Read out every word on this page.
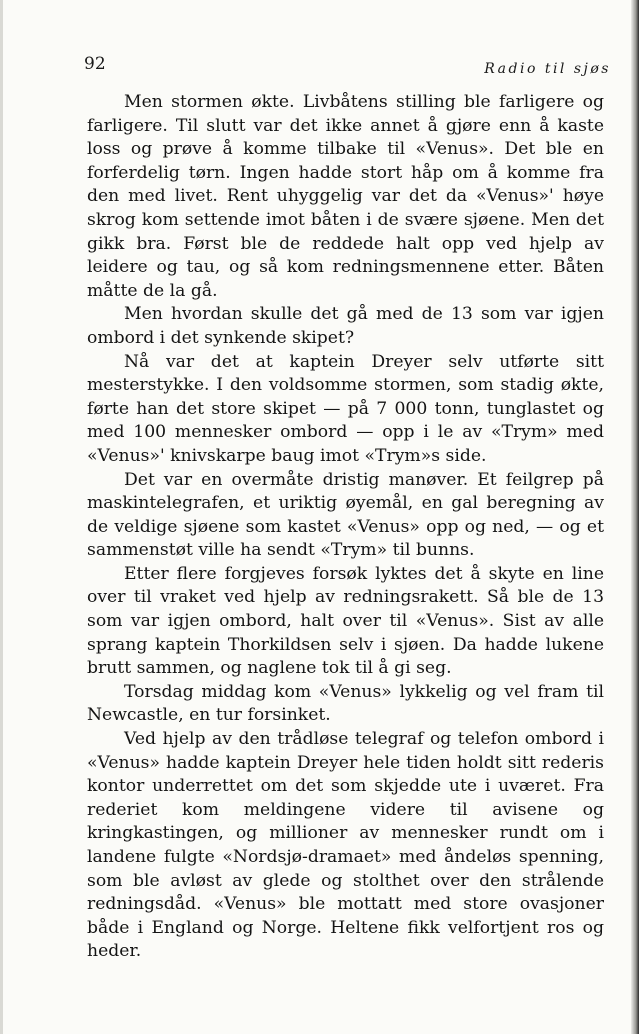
92	Radio til sjøs

Men stormen økte. Livbåtens stilling ble farligere og farligere. Til slutt var det ikke annet å gjøre enn å kaste loss og prøve å komme tilbake til «Venus». Det ble en forferdelig tørn. Ingen hadde stort håp om å komme fra den med livet. Rent uhyggelig var det da «Venus»' høye skrog kom settende imot båten i de svære sjøene. Men det gikk bra. Først ble de reddede halt opp ved hjelp av leidere og tau, og så kom redningsmennene etter. Båten måtte de la gå.

Men hvordan skulle det gå med de 13 som var igjen ombord i det synkende skipet?

Nå var det at kaptein Dreyer selv utførte sitt mesterstykke. I den voldsomme stormen, som stadig økte, førte han det store skipet — på 7 000 tonn, tunglastet og med 100 mennesker ombord — opp i le av «Trym» med «Venus»' knivskarpe baug imot «Trym»s side.

Det var en overmåte dristig manøver. Et feilgrep på maskintelegrafen, et uriktig øyemål, en gal beregning av de veldige sjøene som kastet «Venus» opp og ned, — og et sammenstøt ville ha sendt «Trym» til bunns.

Etter flere forgjeves forsøk lyktes det å skyte en line over til vraket ved hjelp av redningsrakett. Så ble de 13 som var igjen ombord, halt over til «Venus». Sist av alle sprang kaptein Thorkildsen selv i sjøen. Da hadde lukene brutt sammen, og naglene tok til å gi seg.

Torsdag middag kom «Venus» lykkelig og vel fram til Newcastle, en tur forsinket.

Ved hjelp av den trådløse telegraf og telefon ombord i «Venus» hadde kaptein Dreyer hele tiden holdt sitt rederis kontor underrettet om det som skjedde ute i uværet. Fra rederiet kom meldingene videre til avisene og kringkastingen, og millioner av mennesker rundt om i landene fulgte «Nordsjø-dramaet» med åndeløs spenning, som ble avløst av glede og stolthet over den strålende redningsdåd. «Venus» ble mottatt med store ovasjoner både i England og Norge. Heltene fikk velfortjent ros og heder.
